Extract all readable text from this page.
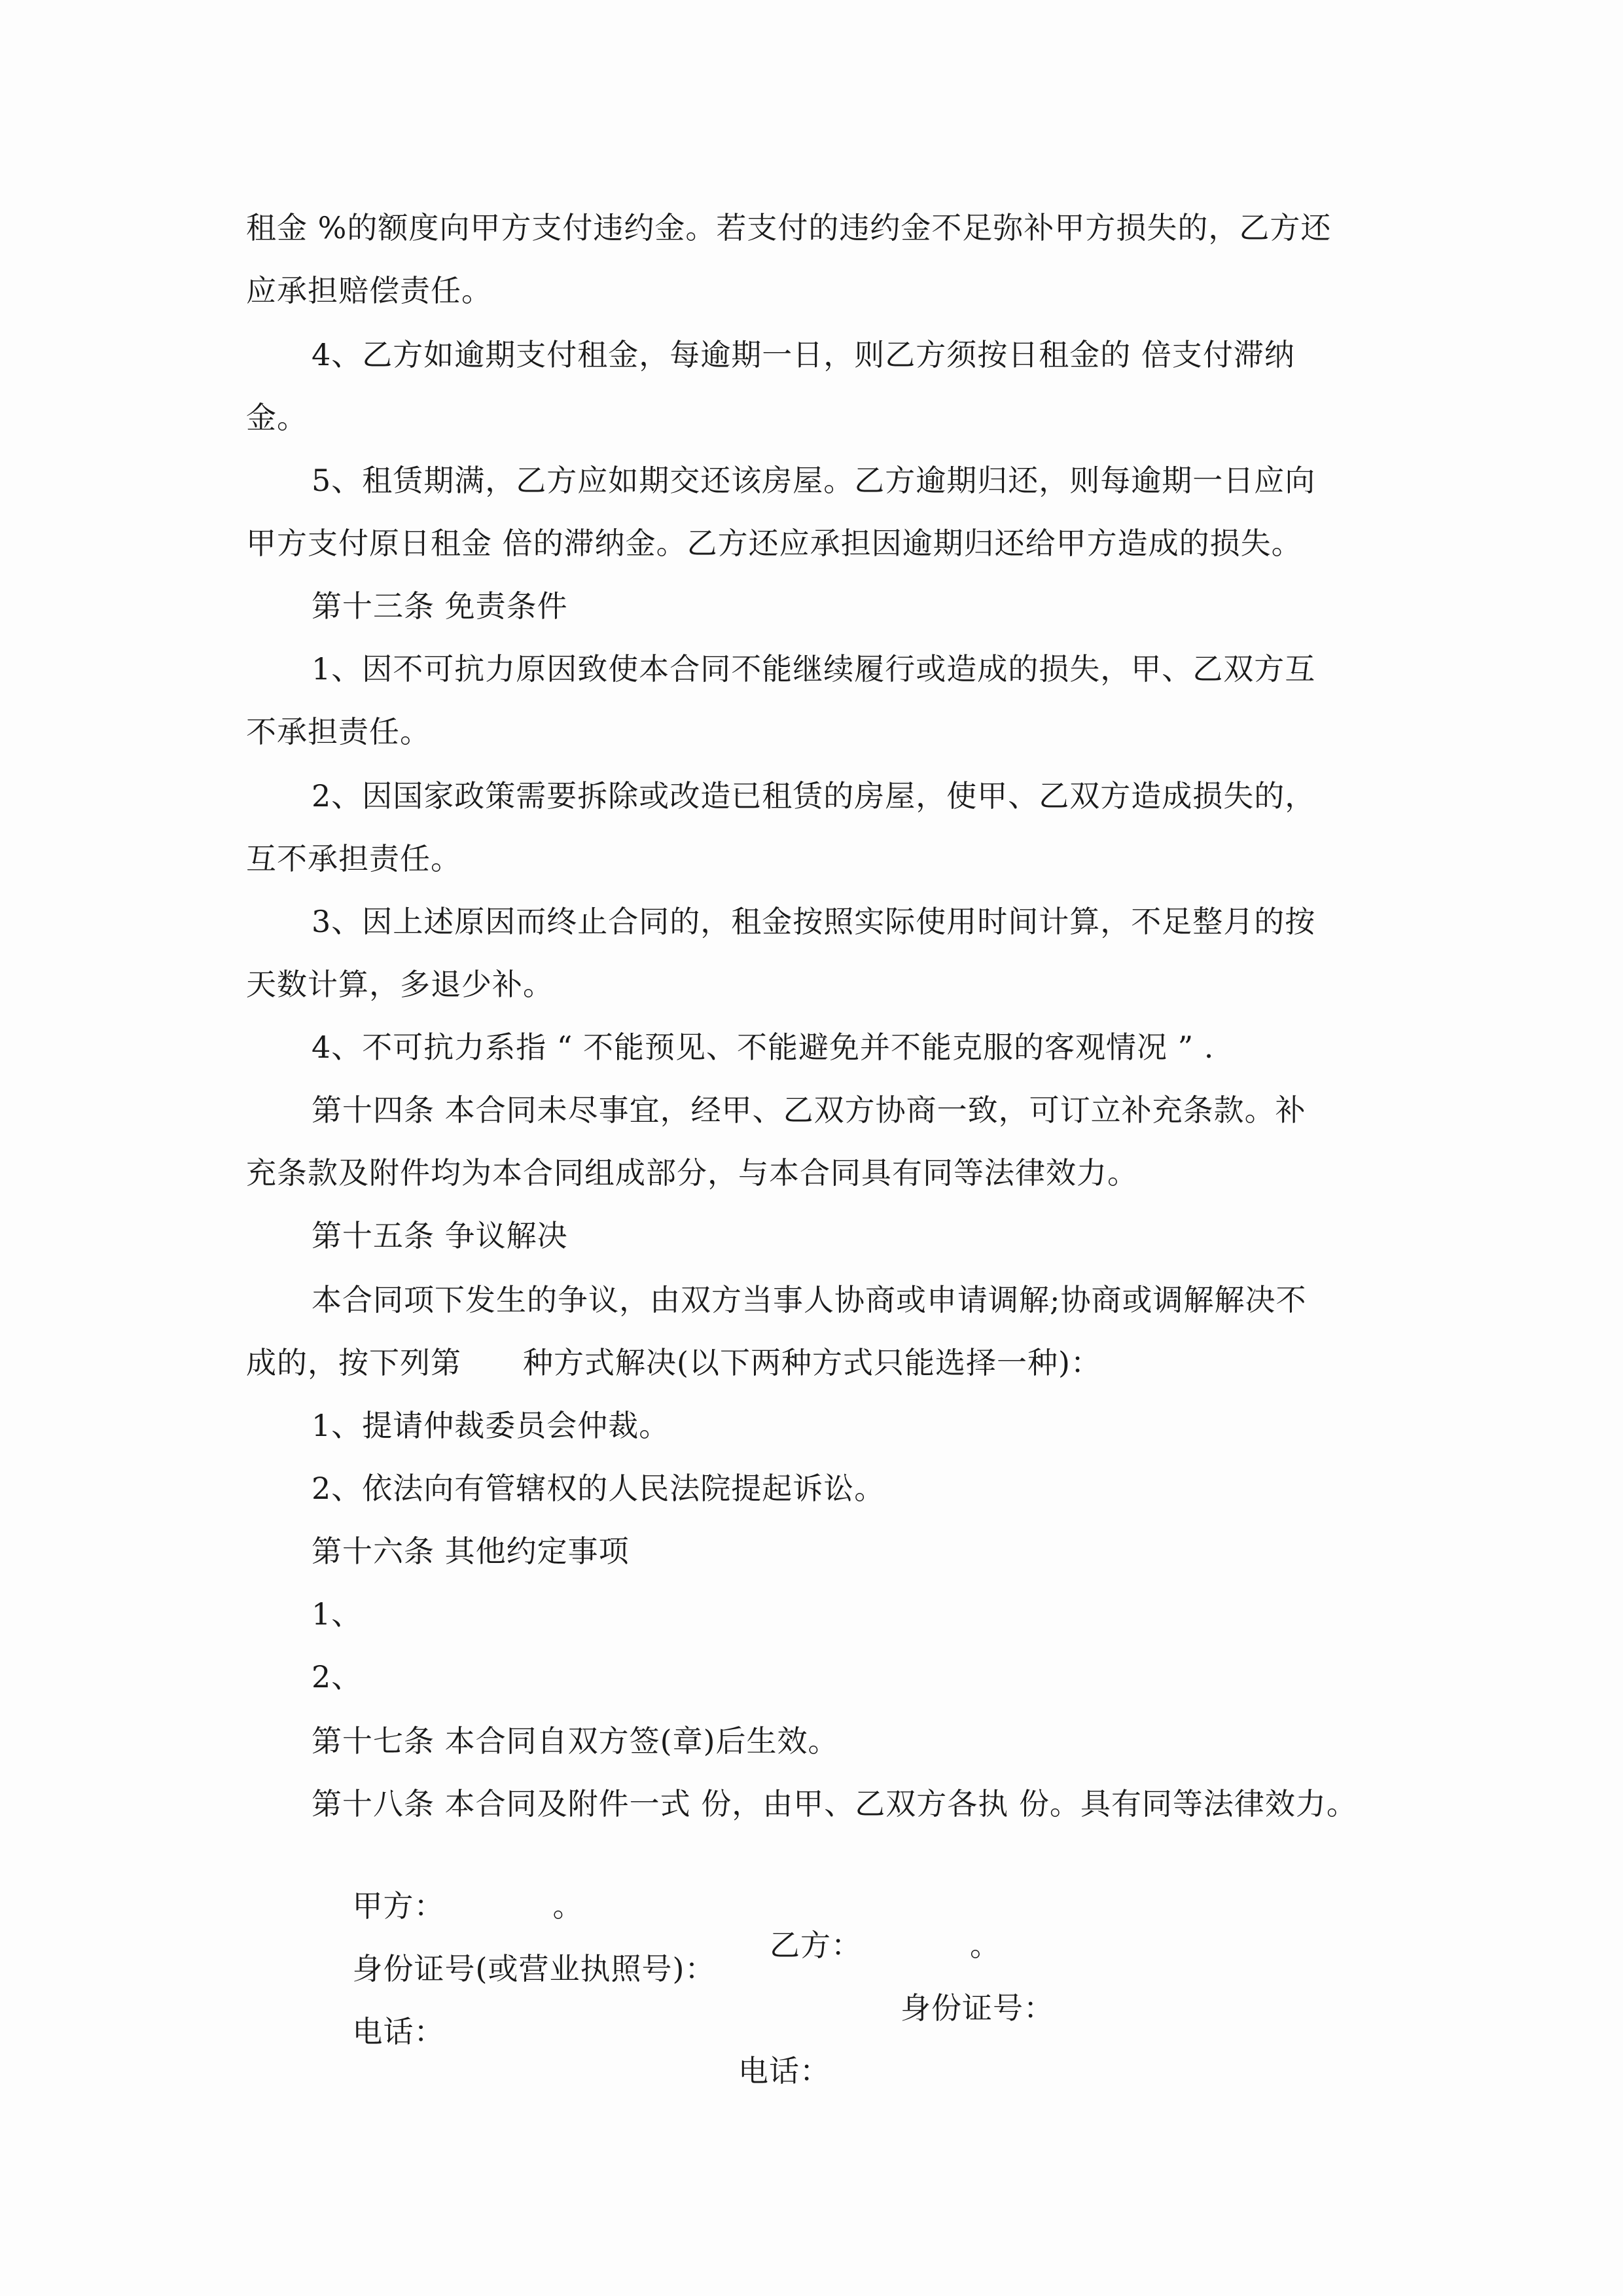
租金 %的额度向甲方支付违约金。若支付的违约金不足弥补甲方损失的，乙方还
应承担赔偿责任。
4、乙方如逾期支付租金，每逾期一日，则乙方须按日租金的 倍支付滞纳
金。
5、租赁期满，乙方应如期交还该房屋。乙方逾期归还，则每逾期一日应向
甲方支付原日租金 倍的滞纳金。乙方还应承担因逾期归还给甲方造成的损失。
第十三条 免责条件
1、因不可抗力原因致使本合同不能继续履行或造成的损失，甲、乙双方互
不承担责任。
2、因国家政策需要拆除或改造已租赁的房屋，使甲、乙双方造成损失的，
互不承担责任。
3、因上述原因而终止合同的，租金按照实际使用时间计算，不足整月的按
天数计算，多退少补。
4、不可抗力系指 “ 不能预见、不能避免并不能克服的客观情况 ” .
第十四条 本合同未尽事宜，经甲、乙双方协商一致，可订立补充条款。补
充条款及附件均为本合同组成部分，与本合同具有同等法律效力。
第十五条 争议解决
本合同项下发生的争议，由双方当事人协商或申请调解;协商或调解解决不
成的，按下列第　　种方式解决(以下两种方式只能选择一种)：
1、提请仲裁委员会仲裁。
2、依法向有管辖权的人民法院提起诉讼。
第十六条 其他约定事项
1、
2、
第十七条 本合同自双方签(章)后生效。
第十八条 本合同及附件一式 份，由甲、乙双方各执 份。具有同等法律效力。

甲方：　　　　。

乙方：　　　　。

身份证号(或营业执照号)：

身份证号：

电话：

电话：
